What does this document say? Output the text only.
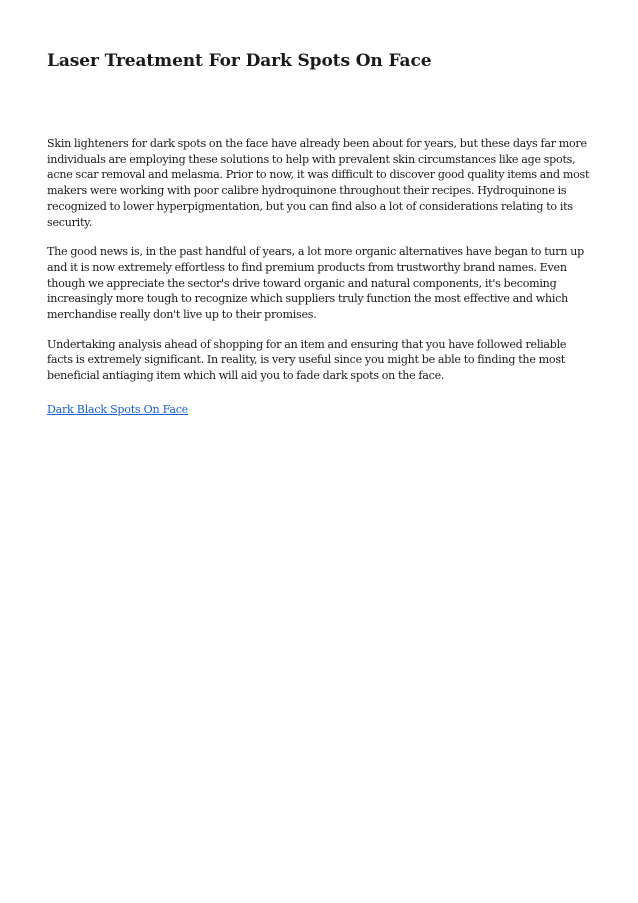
Laser Treatment For Dark Spots On Face

Skin lighteners for dark spots on the face have already been about for years, but these days far more individuals are employing these solutions to help with prevalent skin circumstances like age spots, acne scar removal and melasma. Prior to now, it was difficult to discover good quality items and most makers were working with poor calibre hydroquinone throughout their recipes. Hydroquinone is recognized to lower hyperpigmentation, but you can find also a lot of considerations relating to its security.

The good news is, in the past handful of years, a lot more organic alternatives have began to turn up and it is now extremely effortless to find premium products from trustworthy brand names. Even though we appreciate the sector's drive toward organic and natural components, it's becoming increasingly more tough to recognize which suppliers truly function the most effective and which merchandise really don't live up to their promises.

Undertaking analysis ahead of shopping for an item and ensuring that you have followed reliable facts is extremely significant. In reality, is very useful since you might be able to finding the most beneficial antiaging item which will aid you to fade dark spots on the face.

Dark Black Spots On Face
